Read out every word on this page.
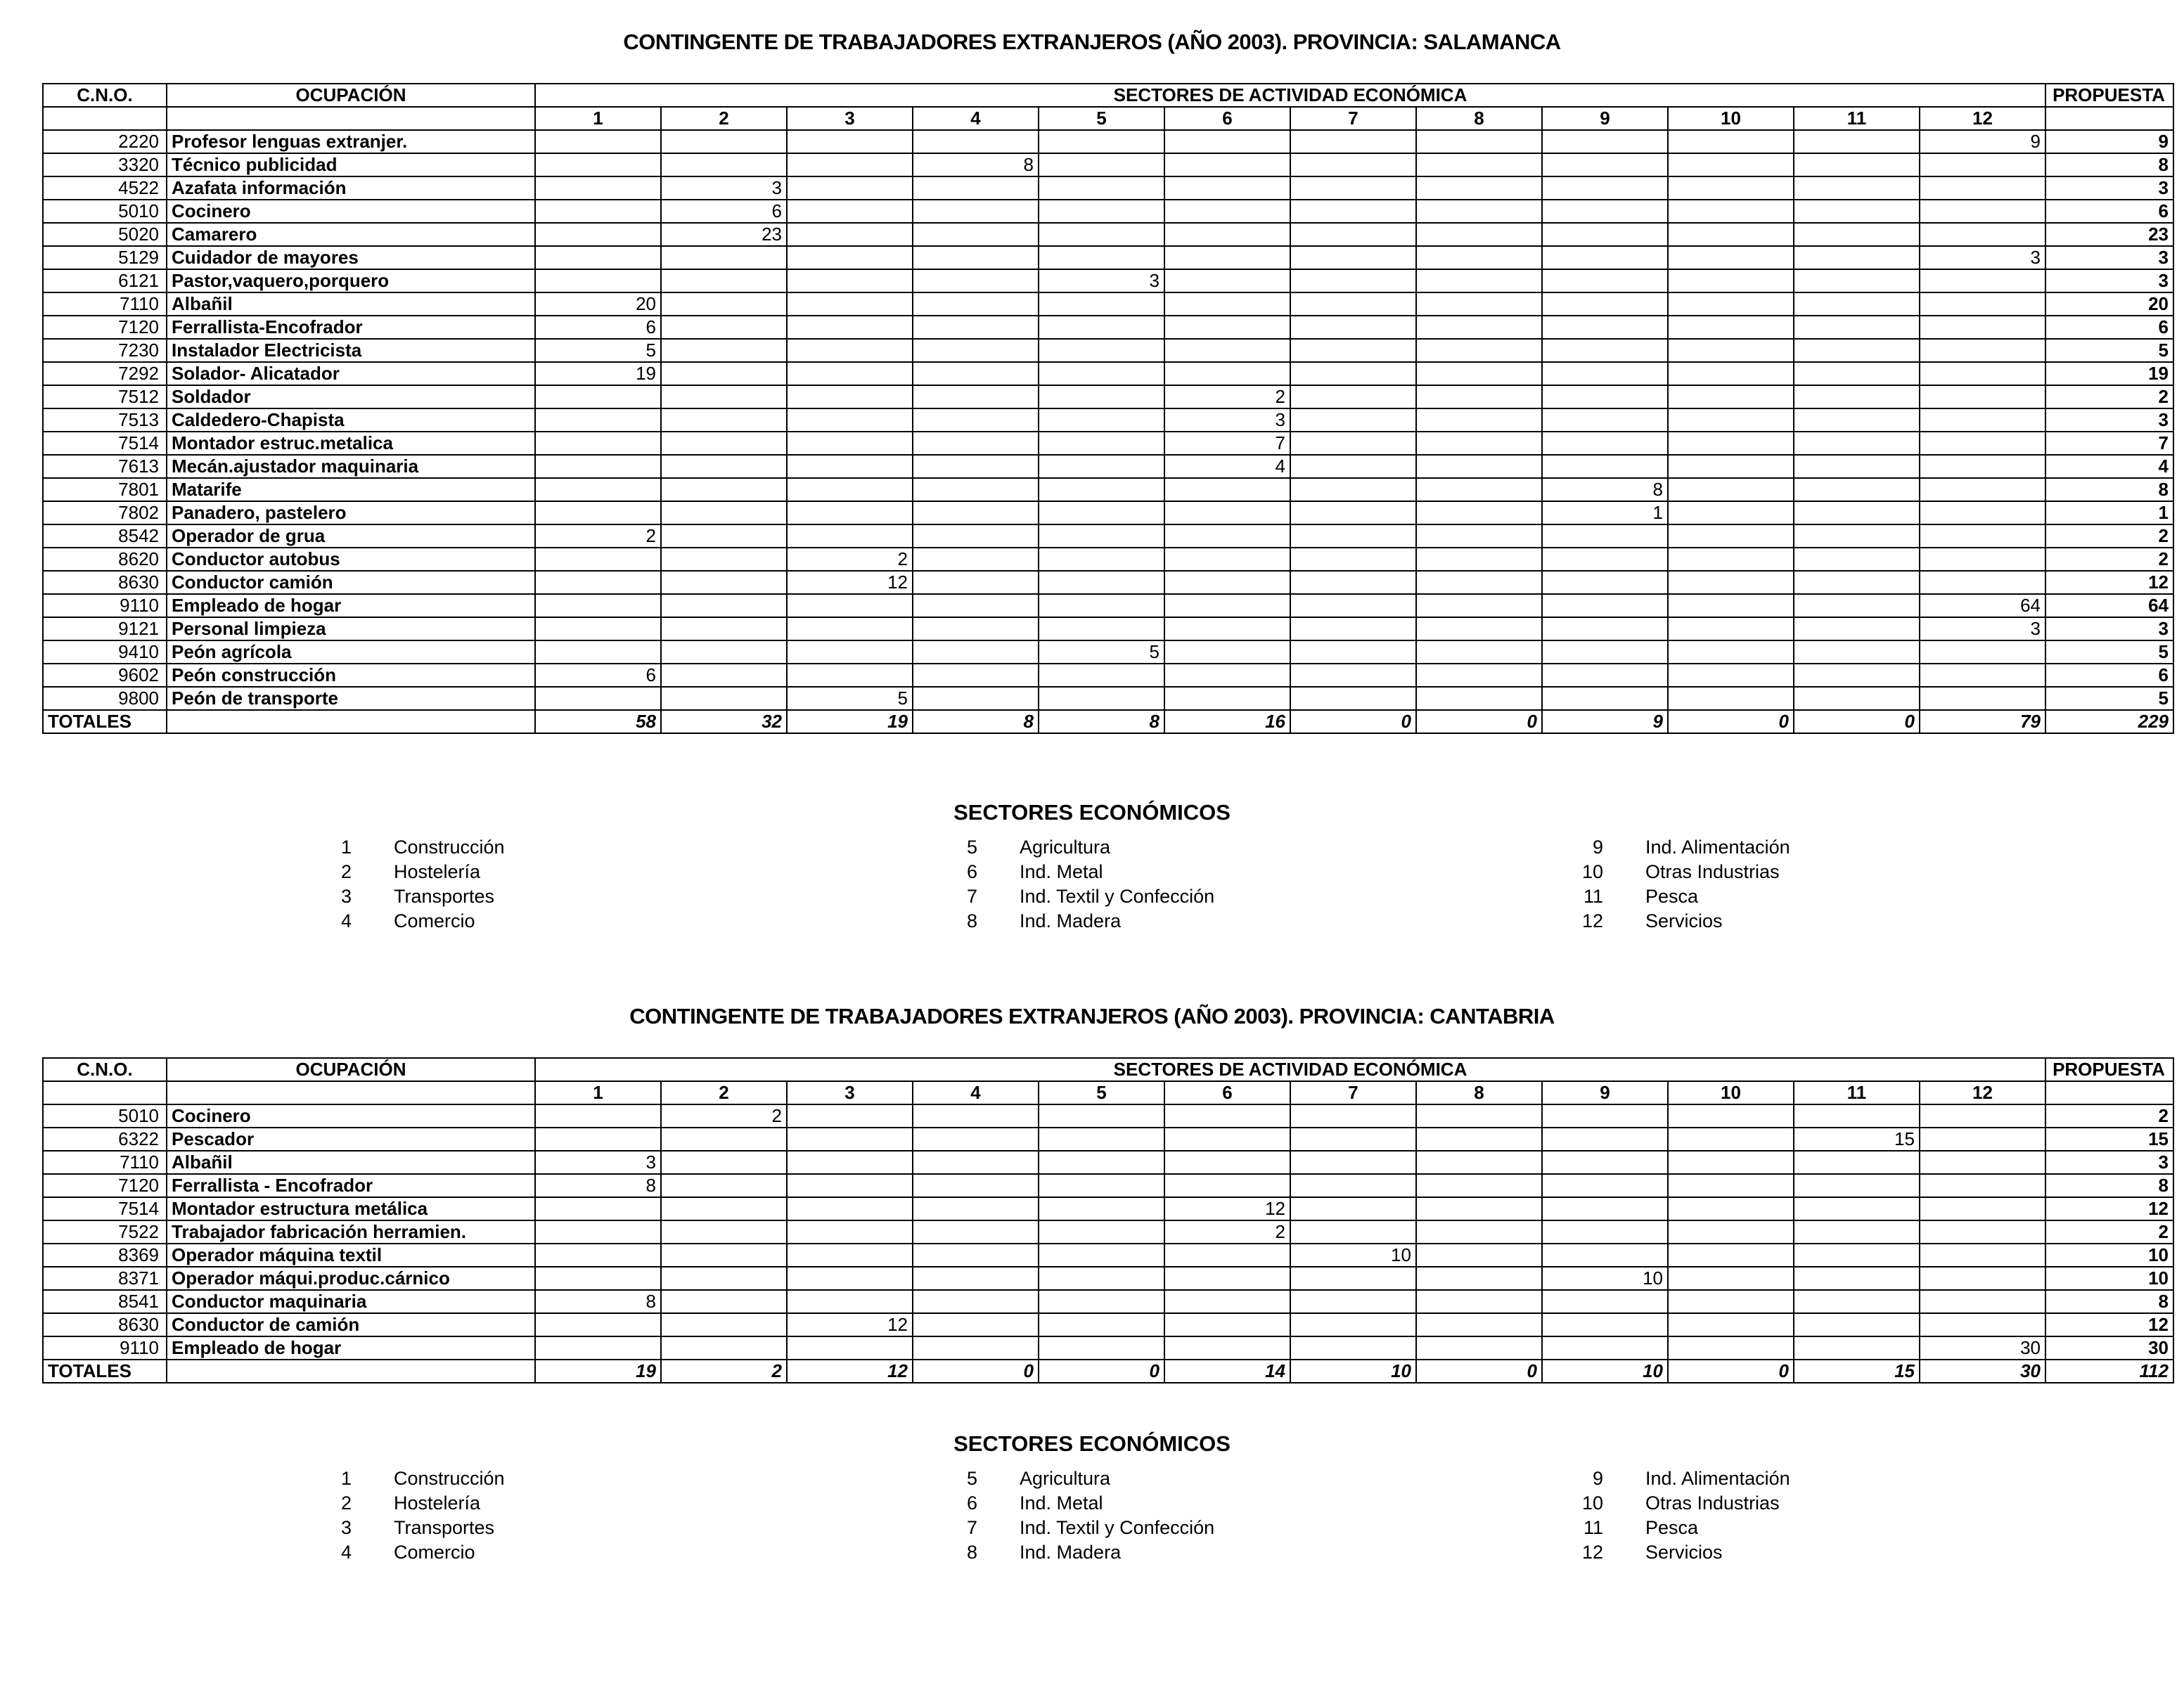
CONTINGENTE DE TRABAJADORES EXTRANJEROS (AÑO 2003). PROVINCIA: SALAMANCA
C.N.O.	OCUPACIÓN	SECTORES DE ACTIVIDAD ECONÓMICA												PROPUESTA
		1	2	3	4	5	6	7	8	9	10	11	12	
2220	Profesor lenguas extranjer.												9	9
3320	Técnico publicidad				8									8
4522	Azafata información		3											3
5010	Cocinero		6											6
5020	Camarero		23											23
5129	Cuidador de mayores												3	3
6121	Pastor,vaquero,porquero					3								3
7110	Albañil	20												20
7120	Ferrallista-Encofrador	6												6
7230	Instalador Electricista	5												5
7292	Solador- Alicatador	19												19
7512	Soldador						2							2
7513	Caldedero-Chapista						3							3
7514	Montador estruc.metalica						7							7
7613	Mecán.ajustador maquinaria						4							4
7801	Matarife									8				8
7802	Panadero, pastelero									1				1
8542	Operador de grua	2												2
8620	Conductor autobus			2										2
8630	Conductor camión			12										12
9110	Empleado de hogar												64	64
9121	Personal limpieza												3	3
9410	Peón agrícola					5								5
9602	Peón construcción	6												6
9800	Peón de transporte			5										5
TOTALES		58	32	19	8	8	16	0	0	9	0	0	79	229
SECTORES ECONÓMICOS
1 Construcción
2 Hostelería
3 Transportes
4 Comercio
5 Agricultura
6 Ind. Metal
7 Ind. Textil y Confección
8 Ind. Madera
9 Ind. Alimentación
10 Otras Industrias
11 Pesca
12 Servicios
CONTINGENTE DE TRABAJADORES EXTRANJEROS (AÑO 2003). PROVINCIA: CANTABRIA
C.N.O.	OCUPACIÓN	SECTORES DE ACTIVIDAD ECONÓMICA												PROPUESTA
		1	2	3	4	5	6	7	8	9	10	11	12	
5010	Cocinero		2											2
6322	Pescador											15		15
7110	Albañil	3												3
7120	Ferrallista - Encofrador	8												8
7514	Montador estructura metálica						12							12
7522	Trabajador fabricación herramien.						2							2
8369	Operador máquina textil							10						10
8371	Operador máqui.produc.cárnico									10				10
8541	Conductor maquinaria	8												8
8630	Conductor de camión			12										12
9110	Empleado de hogar												30	30
TOTALES		19	2	12	0	0	14	10	0	10	0	15	30	112
SECTORES ECONÓMICOS
1 Construcción
2 Hostelería
3 Transportes
4 Comercio
5 Agricultura
6 Ind. Metal
7 Ind. Textil y Confección
8 Ind. Madera
9 Ind. Alimentación
10 Otras Industrias
11 Pesca
12 Servicios
